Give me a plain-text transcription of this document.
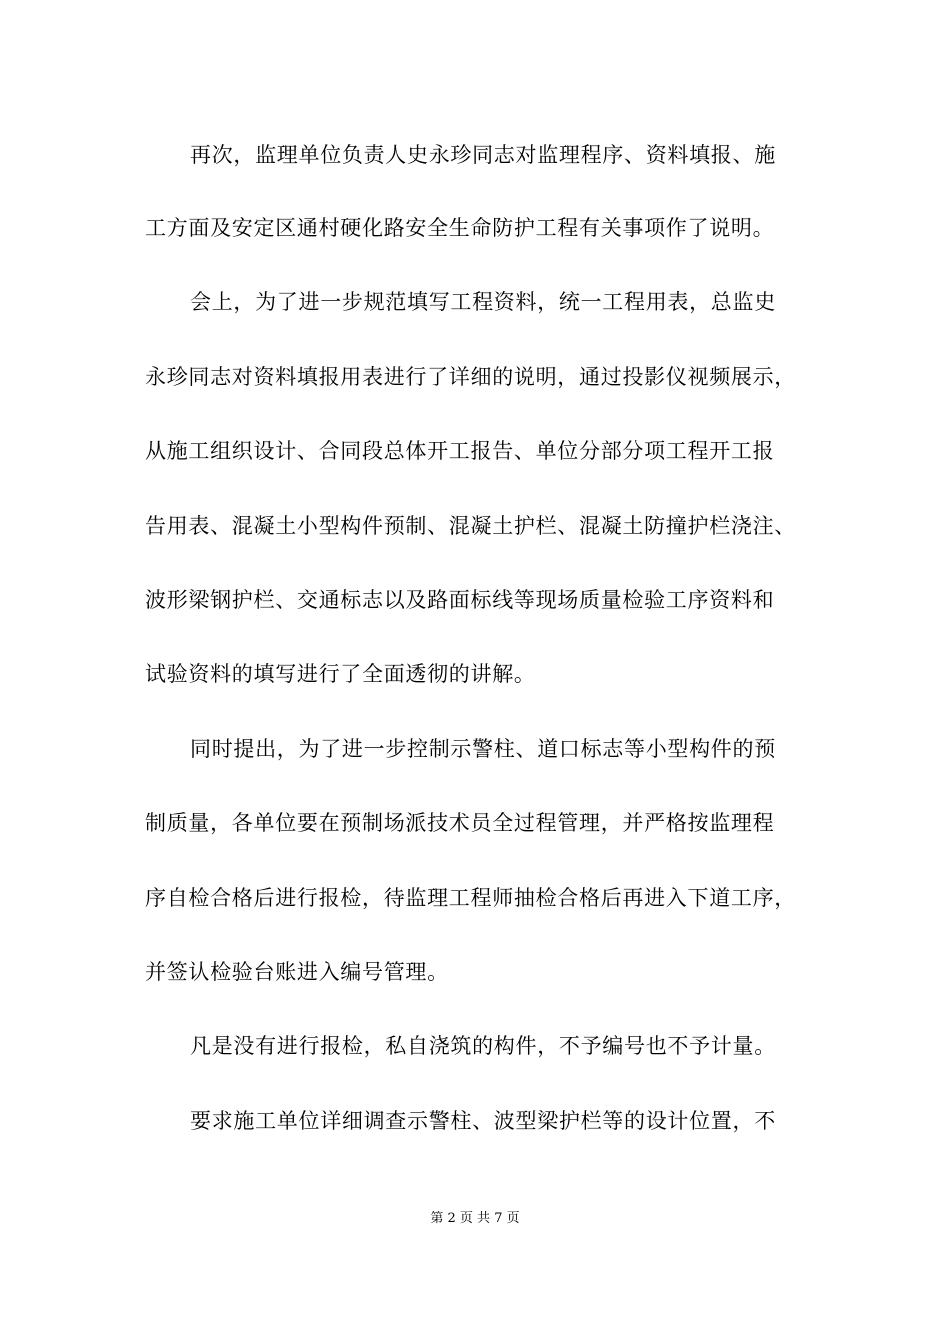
再次，监理单位负责人史永珍同志对监理程序、资料填报、施
工方面及安定区通村硬化路安全生命防护工程有关事项作了说明。
会上，为了进一步规范填写工程资料，统一工程用表，总监史
永珍同志对资料填报用表进行了详细的说明，通过投影仪视频展示，
从施工组织设计、合同段总体开工报告、单位分部分项工程开工报
告用表、混凝土小型构件预制、混凝土护栏、混凝土防撞护栏浇注、
波形梁钢护栏、交通标志以及路面标线等现场质量检验工序资料和
试验资料的填写进行了全面透彻的讲解。
同时提出，为了进一步控制示警柱、道口标志等小型构件的预
制质量，各单位要在预制场派技术员全过程管理，并严格按监理程
序自检合格后进行报检，待监理工程师抽检合格后再进入下道工序，
并签认检验台账进入编号管理。
凡是没有进行报检，私自浇筑的构件，不予编号也不予计量。
要求施工单位详细调查示警柱、波型梁护栏等的设计位置，不
第 2 页 共 7 页
